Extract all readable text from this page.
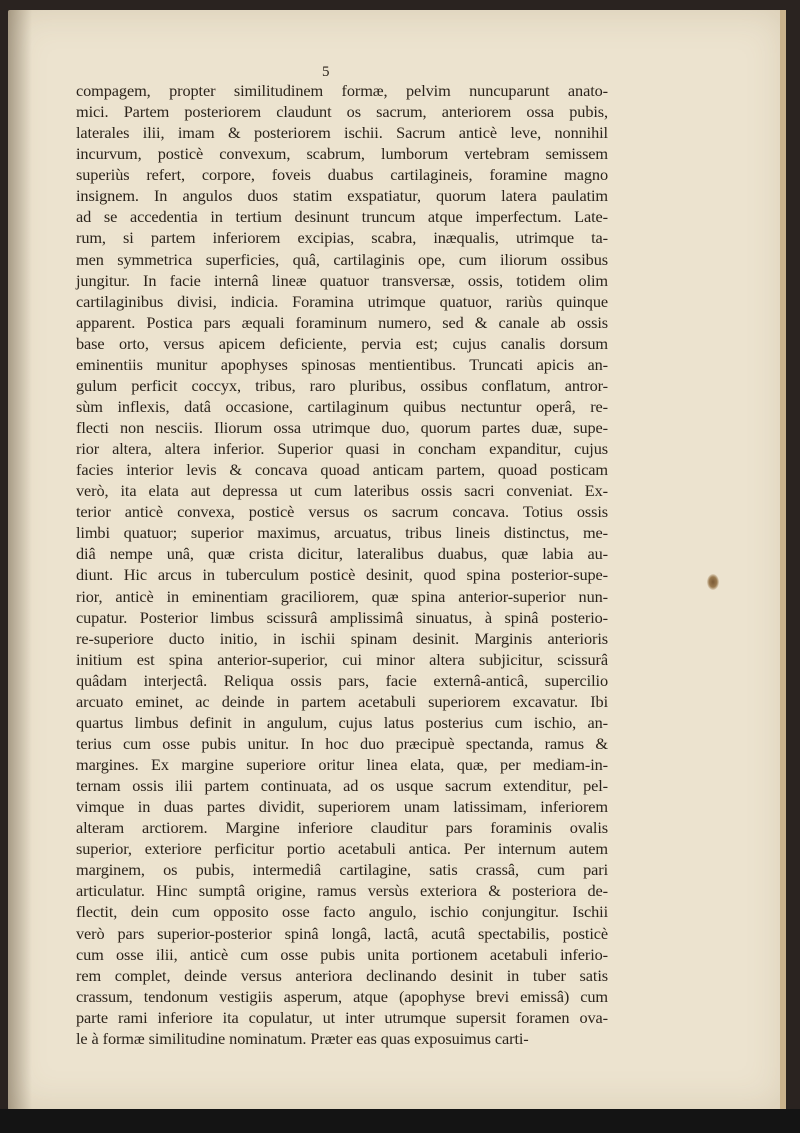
5
compagem, propter similitudinem formæ, pelvim nuncuparunt anato-
mici. Partem posteriorem claudunt os sacrum, anteriorem ossa pubis,
laterales ilii, imam & posteriorem ischii. Sacrum anticè leve, nonnihil
incurvum, posticè convexum, scabrum, lumborum vertebram semissem
superiùs refert, corpore, foveis duabus cartilagineis, foramine magno
insignem. In angulos duos statim exspatiatur, quorum latera paulatim
ad se accedentia in tertium desinunt truncum atque imperfectum. Late-
rum, si partem inferiorem excipias, scabra, inæqualis, utrimque ta-
men symmetrica superficies, quâ, cartilaginis ope, cum iliorum ossibus
jungitur. In facie internâ lineæ quatuor transversæ, ossis, totidem olim
cartilaginibus divisi, indicia. Foramina utrimque quatuor, rariùs quinque
apparent. Postica pars æquali foraminum numero, sed & canale ab ossis
base orto, versus apicem deficiente, pervia est; cujus canalis dorsum
eminentiis munitur apophyses spinosas mentientibus. Truncati apicis an-
gulum perficit coccyx, tribus, raro pluribus, ossibus conflatum, antror-
sùm inflexis, datâ occasione, cartilaginum quibus nectuntur operâ, re-
flecti non nesciis. Iliorum ossa utrimque duo, quorum partes duæ, supe-
rior altera, altera inferior. Superior quasi in concham expanditur, cujus
facies interior levis & concava quoad anticam partem, quoad posticam
verò, ita elata aut depressa ut cum lateribus ossis sacri conveniat. Ex-
terior anticè convexa, posticè versus os sacrum concava. Totius ossis
limbi quatuor; superior maximus, arcuatus, tribus lineis distinctus, me-
diâ nempe unâ, quæ crista dicitur, lateralibus duabus, quæ labia au-
diunt. Hic arcus in tuberculum posticè desinit, quod spina posterior-supe-
rior, anticè in eminentiam graciliorem, quæ spina anterior-superior nun-
cupatur. Posterior limbus scissurâ amplissimâ sinuatus, à spinâ posterio-
re-superiore ducto initio, in ischii spinam desinit. Marginis anterioris
initium est spina anterior-superior, cui minor altera subjicitur, scissurâ
quâdam interjectâ. Reliqua ossis pars, facie externâ-anticâ, supercilio
arcuato eminet, ac deinde in partem acetabuli superiorem excavatur. Ibi
quartus limbus definit in angulum, cujus latus posterius cum ischio, an-
terius cum osse pubis unitur. In hoc duo præcipuè spectanda, ramus &
margines. Ex margine superiore oritur linea elata, quæ, per mediam-in-
ternam ossis ilii partem continuata, ad os usque sacrum extenditur, pel-
vimque in duas partes dividit, superiorem unam latissimam, inferiorem
alteram arctiorem. Margine inferiore clauditur pars foraminis ovalis
superior, exteriore perficitur portio acetabuli antica. Per internum autem
marginem, os pubis, intermediâ cartilagine, satis crassâ, cum pari
articulatur. Hinc sumptâ origine, ramus versùs exteriora & posteriora de-
flectit, dein cum opposito osse facto angulo, ischio conjungitur. Ischii
verò pars superior-posterior spinâ longâ, lactâ, acutâ spectabilis, posticè
cum osse ilii, anticè cum osse pubis unita portionem acetabuli inferio-
rem complet, deinde versus anteriora declinando desinit in tuber satis
crassum, tendonum vestigiis asperum, atque (apophyse brevi emissâ) cum
parte rami inferiore ita copulatur, ut inter utrumque supersit foramen ova-
le à formæ similitudine nominatum. Præter eas quas exposuimus carti-
